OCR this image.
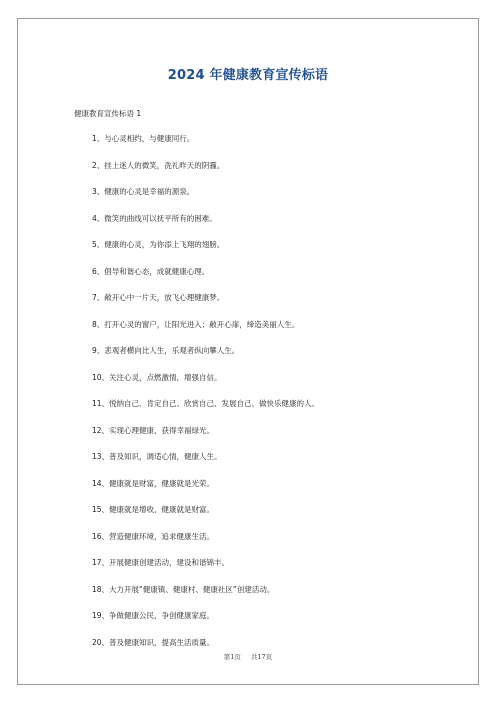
2024 年健康教育宣传标语
健康教育宣传标语 1
1、与心灵相约，与健康同行。
2、挂上迷人的微笑，洗礼昨天的阴霾。
3、健康的心灵是幸福的源泉。
4、微笑的曲线可以抚平所有的困难。
5、健康的心灵，为你添上飞翔的翅膀。
6、倡导和谐心态，成就健康心理。
7、敞开心中一片天，放飞心理健康梦。
8、打开心灵的窗户，让阳光进入；敞开心扉，缔造美丽人生。
9、悲观者横向比人生，乐观者纵向攀人生。
10、关注心灵，点燃激情，增强自信。
11、悦纳自己、肯定自己、欣赏自己、发展自己、做快乐健康的人。
12、实现心理健康，获得幸福绿光。
13、普及知识，调适心情，健康人生。
14、健康就是财富，健康就是光荣。
15、健康就是增收，健康就是财富。
16、营造健康环境，追求健康生活。
17、开展健康创建活动，建设和谐锦丰。
18、大力开展“健康镇、健康村、健康社区”创建活动。
19、争做健康公民，争创健康家庭。
20、普及健康知识，提高生活质量。
第1页 共17页
